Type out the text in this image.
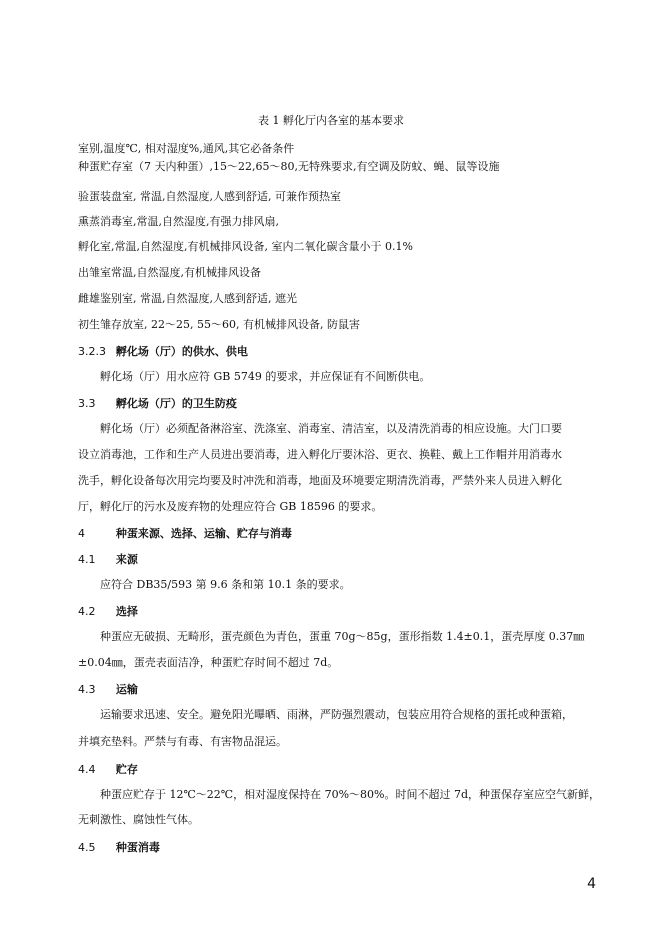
表 1 孵化厅内各室的基本要求
室别,温度℃, 相对湿度%,通风,其它必备条件
种蛋贮存室（7 天内种蛋）,15～22,65～80,无特殊要求,有空调及防蚊、蝇、鼠等设施
验蛋装盘室, 常温,自然湿度,人感到舒适, 可兼作预热室
熏蒸消毒室,常温,自然湿度,有强力排风扇,
孵化室,常温,自然湿度,有机械排风设备, 室内二氧化碳含量小于 0.1%
出雏室常温,自然湿度,有机械排风设备
雌雄鉴别室, 常温,自然湿度,人感到舒适, 遮光
初生雏存放室, 22～25, 55～60, 有机械排风设备, 防鼠害
3.2.3 孵化场（厅）的供水、供电
孵化场（厅）用水应符 GB 5749 的要求，并应保证有不间断供电。
3.3 孵化场（厅）的卫生防疫
孵化场（厅）必须配备淋浴室、洗涤室、消毒室、清洁室，以及清洗消毒的相应设施。大门口要
设立消毒池，工作和生产人员进出要消毒，进入孵化厅要沐浴、更衣、换鞋、戴上工作帽并用消毒水
洗手，孵化设备每次用完均要及时冲洗和消毒，地面及环境要定期清洗消毒，严禁外来人员进入孵化
厅，孵化厅的污水及废弃物的处理应符合 GB 18596 的要求。
4	种蛋来源、选择、运输、贮存与消毒
4.1 来源
应符合 DB35/593 第 9.6 条和第 10.1 条的要求。
4.2 选择
种蛋应无破损、无畸形，蛋壳颜色为青色，蛋重 70g～85g，蛋形指数 1.4±0.1，蛋壳厚度 0.37㎜
±0.04㎜，蛋壳表面洁净，种蛋贮存时间不超过 7d。
4.3 运输
运输要求迅速、安全。避免阳光曝晒、雨淋，严防强烈震动，包装应用符合规格的蛋托或种蛋箱，
并填充垫料。严禁与有毒、有害物品混运。
4.4 贮存
种蛋应贮存于 12℃～22℃，相对湿度保持在 70%～80%。时间不超过 7d，种蛋保存室应空气新鲜，
无刺激性、腐蚀性气体。
4.5 种蛋消毒
4
